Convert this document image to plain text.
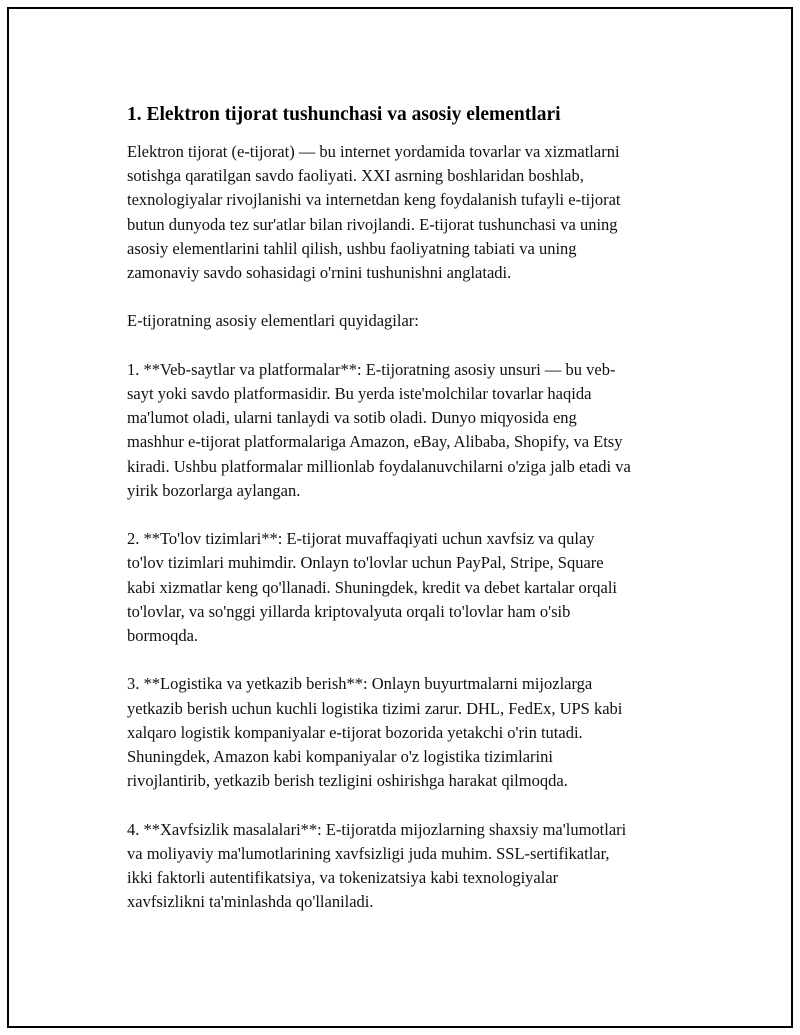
1. Elektron tijorat tushunchasi va asosiy elementlari
Elektron tijorat (e-tijorat) — bu internet yordamida tovarlar va xizmatlarni
sotishga qaratilgan savdo faoliyati. XXI asrning boshlaridan boshlab,
texnologiyalar rivojlanishi va internetdan keng foydalanish tufayli e-tijorat
butun dunyoda tez sur'atlar bilan rivojlandi. E-tijorat tushunchasi va uning
asosiy elementlarini tahlil qilish, ushbu faoliyatning tabiati va uning
zamonaviy savdo sohasidagi o'rnini tushunishni anglatadi.
E-tijoratning asosiy elementlari quyidagilar:
1. **Veb-saytlar va platformalar**: E-tijoratning asosiy unsuri — bu veb-
sayt yoki savdo platformasidir. Bu yerda iste'molchilar tovarlar haqida
ma'lumot oladi, ularni tanlaydi va sotib oladi. Dunyo miqyosida eng
mashhur e-tijorat platformalariga Amazon, eBay, Alibaba, Shopify, va Etsy
kiradi. Ushbu platformalar millionlab foydalanuvchilarni o'ziga jalb etadi va
yirik bozorlarga aylangan.
2. **To'lov tizimlari**: E-tijorat muvaffaqiyati uchun xavfsiz va qulay
to'lov tizimlari muhimdir. Onlayn to'lovlar uchun PayPal, Stripe, Square
kabi xizmatlar keng qo'llanadi. Shuningdek, kredit va debet kartalar orqali
to'lovlar, va so'nggi yillarda kriptovalyuta orqali to'lovlar ham o'sib
bormoqda.
3. **Logistika va yetkazib berish**: Onlayn buyurtmalarni mijozlarga
yetkazib berish uchun kuchli logistika tizimi zarur. DHL, FedEx, UPS kabi
xalqaro logistik kompaniyalar e-tijorat bozorida yetakchi o'rin tutadi.
Shuningdek, Amazon kabi kompaniyalar o'z logistika tizimlarini
rivojlantirib, yetkazib berish tezligini oshirishga harakat qilmoqda.
4. **Xavfsizlik masalalari**: E-tijoratda mijozlarning shaxsiy ma'lumotlari
va moliyaviy ma'lumotlarining xavfsizligi juda muhim. SSL-sertifikatlar,
ikki faktorli autentifikatsiya, va tokenizatsiya kabi texnologiyalar
xavfsizlikni ta'minlashda qo'llaniladi.
